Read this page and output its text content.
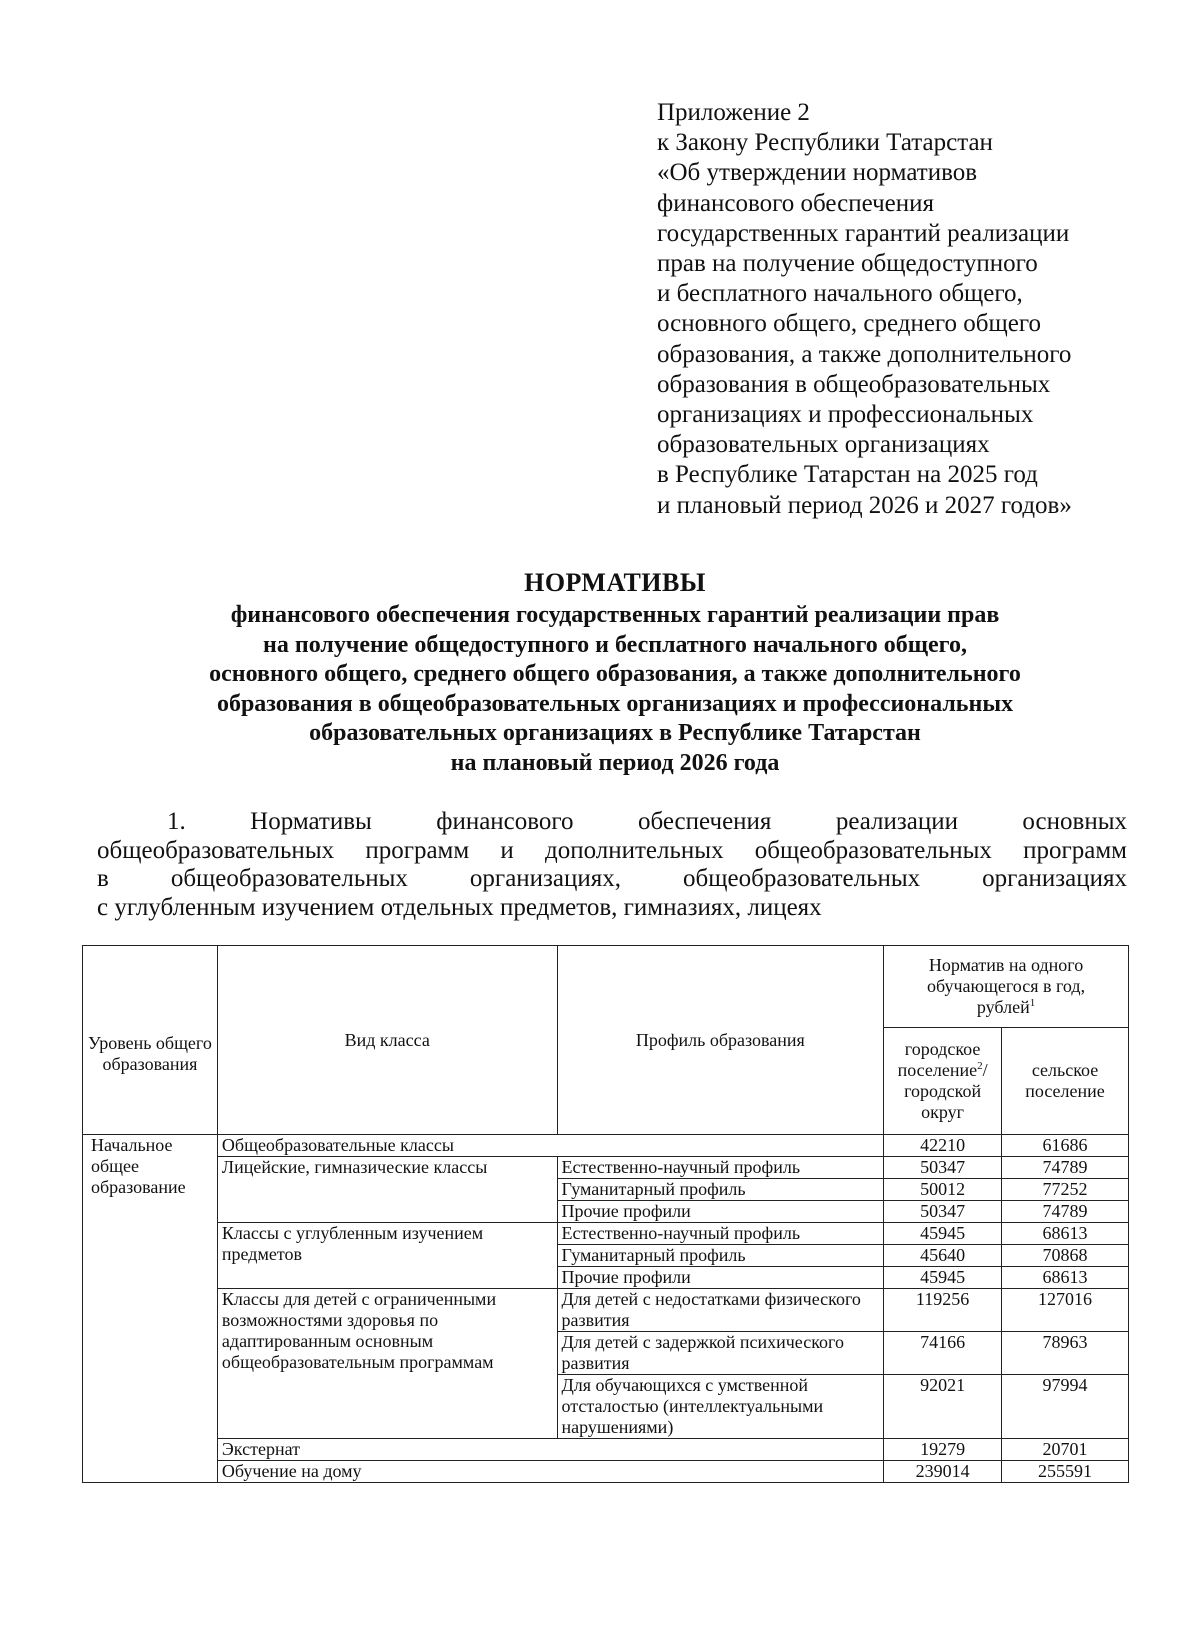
Приложение 2
к Закону Республики Татарстан
«Об утверждении нормативов
финансового обеспечения
государственных гарантий реализации
прав на получение общедоступного
и бесплатного начального общего,
основного общего, среднего общего
образования, а также дополнительного
образования в общеобразовательных
организациях и профессиональных
образовательных организациях
в Республике Татарстан на 2025 год
и плановый период 2026 и 2027 годов»
НОРМАТИВЫ
финансового обеспечения государственных гарантий реализации прав
на получение общедоступного и бесплатного начального общего,
основного общего, среднего общего образования, а также дополнительного
образования в общеобразовательных организациях и профессиональных
образовательных организациях в Республике Татарстан
на плановый период 2026 года
1. Нормативы финансового обеспечения реализации основных
общеобразовательных программ и дополнительных общеобразовательных программ
в общеобразовательных организациях, общеобразовательных организациях
с углубленным изучением отдельных предметов, гимназиях, лицеях
Уровень общего образования	Вид класса	Профиль образования	Норматив на одного обучающегося в год, рублей$^1$
			городское поселение$^2$/ городской округ	сельское поселение
Начальное общее образование	Общеобразовательные классы		42210	61686
	Лицейские, гимназические классы	Естественно-научный профиль	50347	74789
		Гуманитарный профиль	50012	77252
		Прочие профили	50347	74789
	Классы с углубленным изучением предметов	Естественно-научный профиль	45945	68613
		Гуманитарный профиль	45640	70868
		Прочие профили	45945	68613
	Классы для детей с ограниченными возможностями здоровья по адаптированным основным общеобразовательным программам	Для детей с недостатками физического развития	119256	127016
		Для детей с задержкой психического развития	74166	78963
		Для обучающихся с умственной отсталостью (интеллектуальными нарушениями)	92021	97994
	Экстернат		19279	20701
	Обучение на дому		239014	255591
